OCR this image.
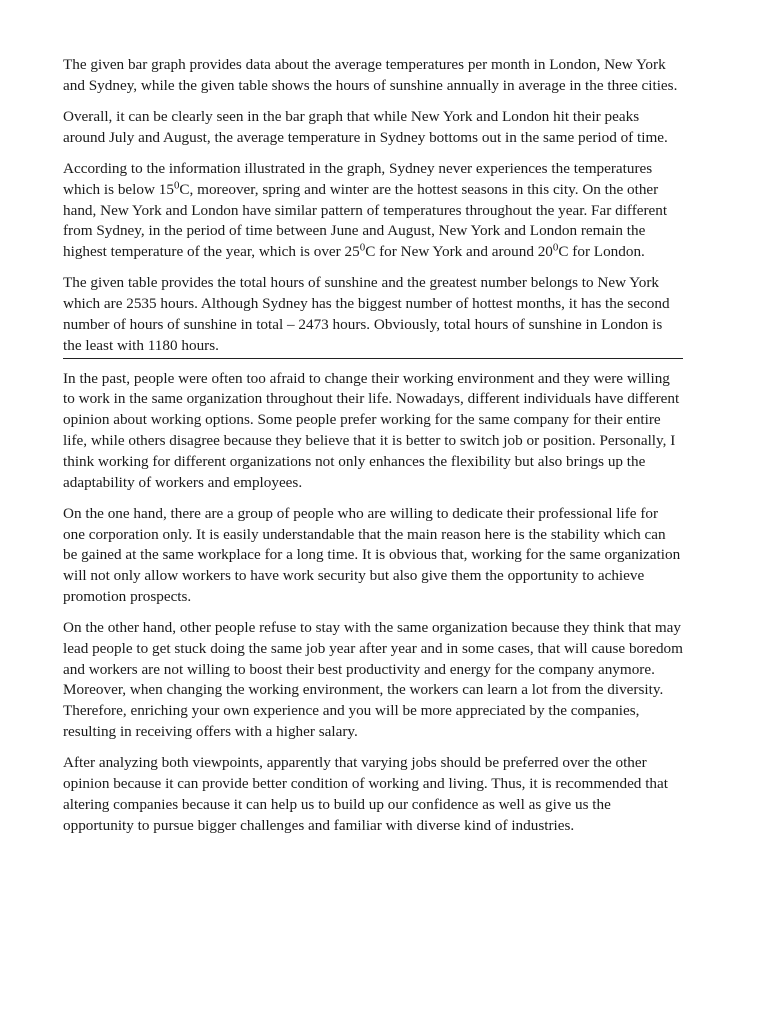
The given bar graph provides data about the average temperatures per month in London, New York and Sydney, while the given table shows the hours of sunshine annually in average in the three cities.

Overall, it can be clearly seen in the bar graph that while New York and London hit their peaks around July and August, the average temperature in Sydney bottoms out in the same period of time.

According to the information illustrated in the graph, Sydney never experiences the temperatures which is below $15^0C$, moreover, spring and winter are the hottest seasons in this city. On the other hand, New York and London have similar pattern of temperatures throughout the year. Far different from Sydney, in the period of time between June and August, New York and London remain the highest temperature of the year, which is over $25^0C$ for New York and around $20^0C$ for London.

The given table provides the total hours of sunshine and the greatest number belongs to New York which are 2535 hours. Although Sydney has the biggest number of hottest months, it has the second number of hours of sunshine in total – 2473 hours. Obviously, total hours of sunshine in London is the least with 1180 hours.

In the past, people were often too afraid to change their working environment and they were willing to work in the same organization throughout their life. Nowadays, different individuals have different opinion about working options. Some people prefer working for the same company for their entire life, while others disagree because they believe that it is better to switch job or position. Personally, I think working for different organizations not only enhances the flexibility but also brings up the adaptability of workers and employees.

On the one hand, there are a group of people who are willing to dedicate their professional life for one corporation only. It is easily understandable that the main reason here is the stability which can be gained at the same workplace for a long time. It is obvious that, working for the same organization will not only allow workers to have work security but also give them the opportunity to achieve promotion prospects.

On the other hand, other people refuse to stay with the same organization because they think that may lead people to get stuck doing the same job year after year and in some cases, that will cause boredom and workers are not willing to boost their best productivity and energy for the company anymore. Moreover, when changing the working environment, the workers can learn a lot from the diversity. Therefore, enriching your own experience and you will be more appreciated by the companies, resulting in receiving offers with a higher salary.

After analyzing both viewpoints, apparently that varying jobs should be preferred over the other opinion because it can provide better condition of working and living. Thus, it is recommended that altering companies because it can help us to build up our confidence as well as give us the opportunity to pursue bigger challenges and familiar with diverse kind of industries.
